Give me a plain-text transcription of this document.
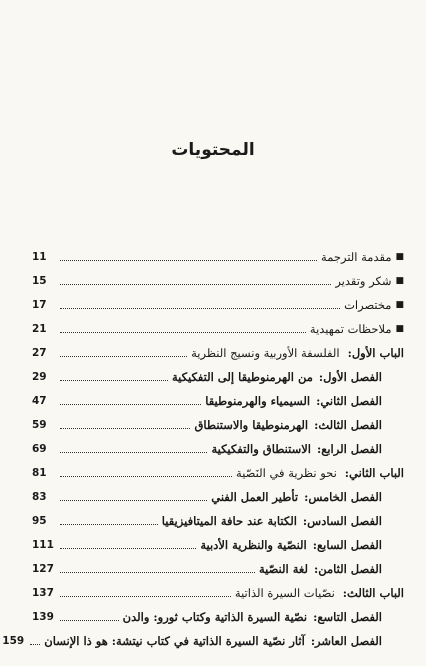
المحتويات
■
مقدمة الترجمة
11
■
شكر وتقدير
15
■
مختصرات
17
■
ملاحظات تمهيدية
21
الباب الأول:
الفلسفة الأوربية ونسيج النظرية
27
الفصل الأول:
من الهرمنوطيقا إلى التفكيكية
29
الفصل الثاني:
السيمياء والهرمنوطيقا
47
الفصل الثالث:
الهرمنوطيقا والاستنطاق
59
الفصل الرابع:
الاستنطاق والتفكيكية
69
الباب الثاني:
نحو نظرية في النَصّية
81
الفصل الخامس:
تأطير العمل الفني
83
الفصل السادس:
الكتابة عند حافة الميتافيزيقيا
95
الفصل السابع:
النصّية والنظرية الأدبية
111
الفصل الثامن:
لغة النصّية
127
الباب الثالث:
نصّيات السيرة الذاتية
137
الفصل التاسع:
نصّية السيرة الذاتية وكتاب ثورو: والدن
139
الفصل العاشر:
آثار نصّية السيرة الذاتية في كتاب نيتشة: هو ذا الإنسان
159
